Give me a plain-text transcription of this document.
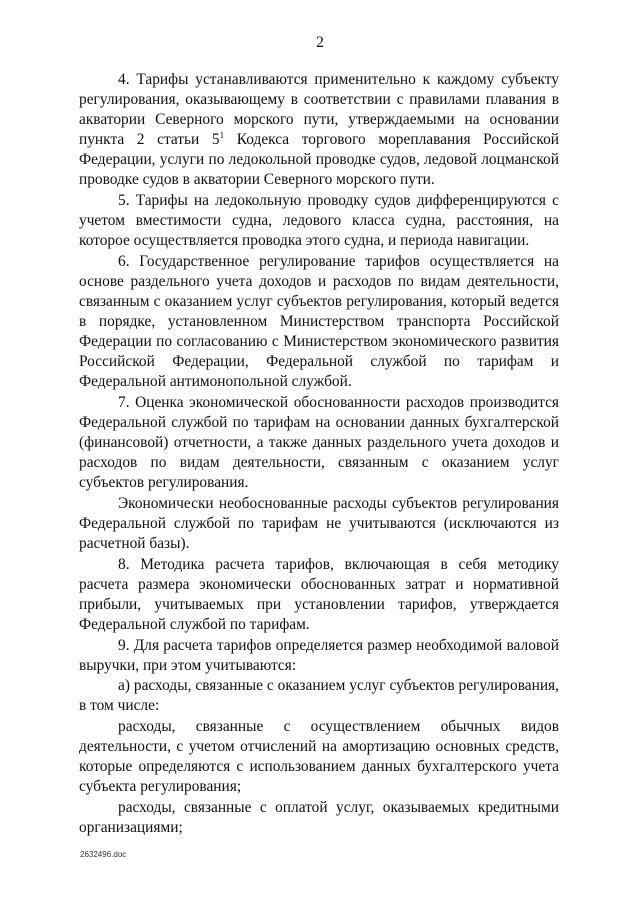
2

4. Тарифы устанавливаются применительно к каждому субъекту регулирования, оказывающему в соответствии с правилами плавания в акватории Северного морского пути, утверждаемыми на основании пункта 2 статьи $5^1$ Кодекса торгового мореплавания Российской Федерации, услуги по ледокольной проводке судов, ледовой лоцманской проводке судов в акватории Северного морского пути.

5. Тарифы на ледокольную проводку судов дифференцируются с учетом вместимости судна, ледового класса судна, расстояния, на которое осуществляется проводка этого судна, и периода навигации.

6. Государственное регулирование тарифов осуществляется на основе раздельного учета доходов и расходов по видам деятельности, связанным с оказанием услуг субъектов регулирования, который ведется в порядке, установленном Министерством транспорта Российской Федерации по согласованию с Министерством экономического развития Российской Федерации, Федеральной службой по тарифам и Федеральной антимонопольной службой.

7. Оценка экономической обоснованности расходов производится Федеральной службой по тарифам на основании данных бухгалтерской (финансовой) отчетности, а также данных раздельного учета доходов и расходов по видам деятельности, связанным с оказанием услуг субъектов регулирования.

Экономически необоснованные расходы субъектов регулирования Федеральной службой по тарифам не учитываются (исключаются из расчетной базы).

8. Методика расчета тарифов, включающая в себя методику расчета размера экономически обоснованных затрат и нормативной прибыли, учитываемых при установлении тарифов, утверждается Федеральной службой по тарифам.

9. Для расчета тарифов определяется размер необходимой валовой выручки, при этом учитываются:

а) расходы, связанные с оказанием услуг субъектов регулирования, в том числе:

расходы, связанные с осуществлением обычных видов деятельности, с учетом отчислений на амортизацию основных средств, которые определяются с использованием данных бухгалтерского учета субъекта регулирования;

расходы, связанные с оплатой услуг, оказываемых кредитными организациями;

2632496.doc
